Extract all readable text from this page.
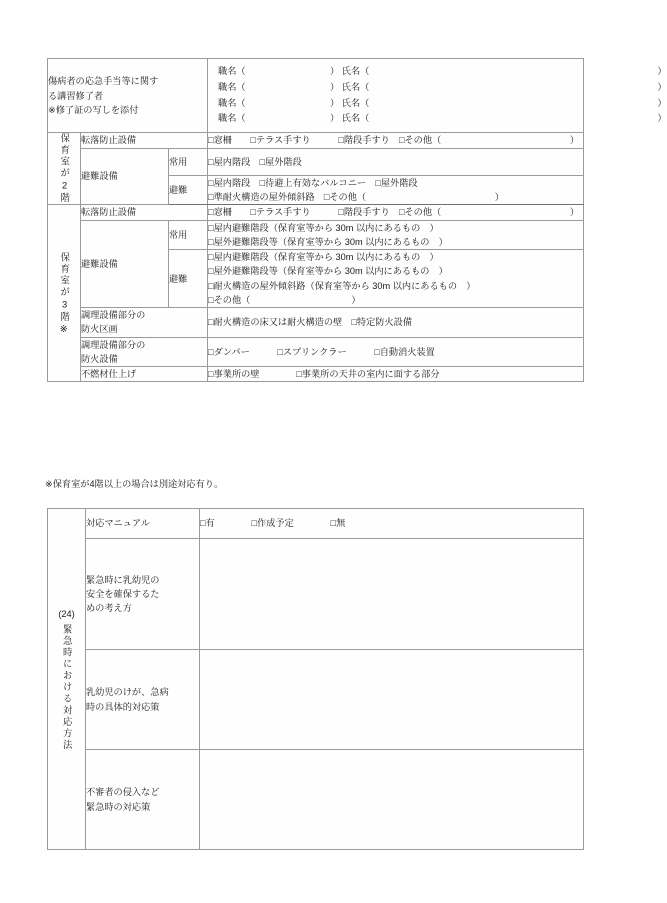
傷病者の応急手当等に関す
る講習修了者
※修了証の写しを添付

職名（	） 氏名（	）
職名（	） 氏名（	）
職名（	） 氏名（	）
職名（	） 氏名（	）

保育室が2階	転落防止設備		□窓柵　　□テラス手すり　　　□階段手すり　□その他（　　　　　　　　　　　　　　）

	避難設備	常用	□屋内階段　□屋外階段

		避難	□屋内階段　□待避上有効なバルコニー　□屋外階段
□準耐火構造の屋外傾斜路　□その他（　　　　　　　　　　　　　　）

保育室が3階
※	転落防止設備		□窓柵　　□テラス手すり　　　□階段手すり　□その他（　　　　　　　　　　　　　　）

	避難設備	常用	□屋内避難階段（保育室等から 30m 以内にあるもの　）
□屋外避難階段等（保育室等から 30m 以内にあるもの　）

		避難	□屋内避難階段（保育室等から 30m 以内にあるもの　）
□屋外避難階段等（保育室等から 30m 以内にあるもの　）
□耐火構造の屋外傾斜路（保育室等から 30m 以内にあるもの　）
□その他（　　　　　　　　　　　）

	調理設備部分の
防火区画		□耐火構造の床又は耐火構造の壁　□特定防火設備

	調理設備部分の
防火設備		□ダンパー　　　□スプリンクラー　　　□自動消火装置

	不燃材仕上げ		□事業所の壁　　　　□事業所の天井の室内に面する部分
※保育室が4階以上の場合は別途対応有り。
(24)
緊急時における対応方法	対応マニュアル	□有　　　　□作成予定　　　　□無

	緊急時に乳幼児の
安全を確保するた
めの考え方	

	乳幼児のけが、急病
時の具体的対応策	

	不審者の侵入など
緊急時の対応策	
